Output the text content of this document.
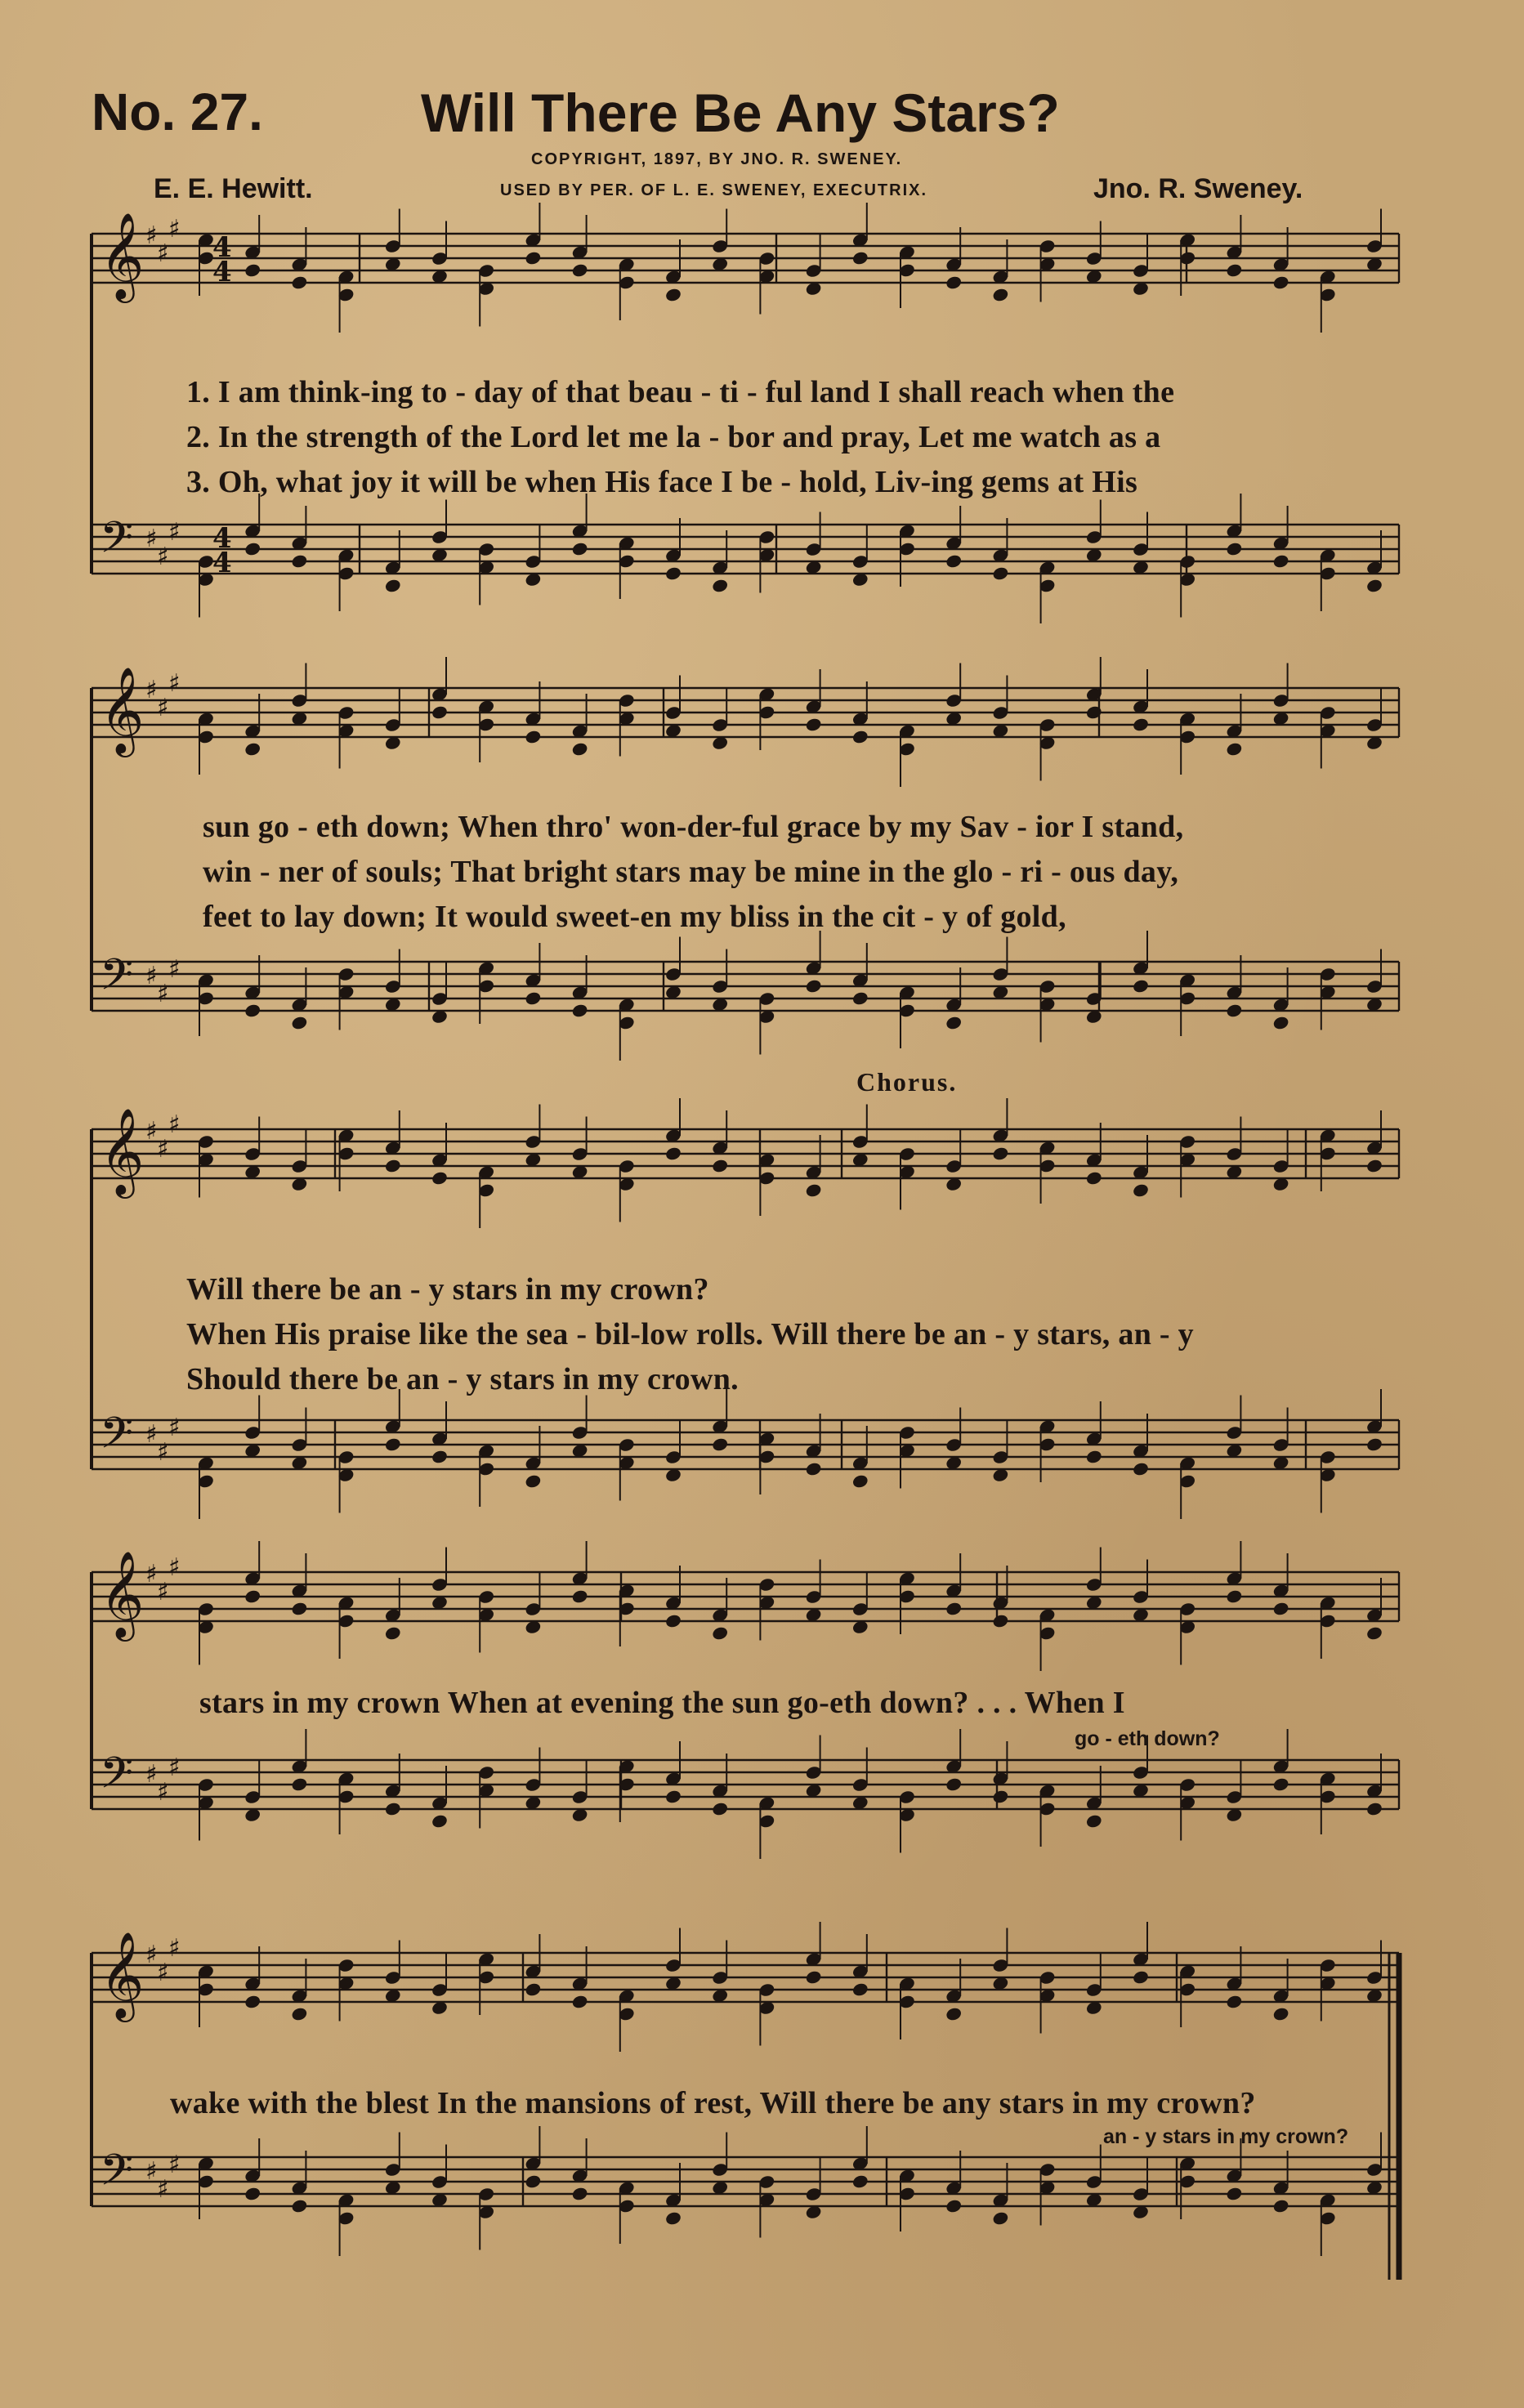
No. 27.	Will There Be Any Stars?
COPYRIGHT, 1897, BY JNO. R. SWENEY.
USED BY PER. OF L. E. SWENEY, EXECUTRIX.
E. E. Hewitt.	Jno. R. Sweney.
𝄞 ♯
♯
♯
𝄢 ♯
♯
♯
𝄞 ♯
♯
♯
𝄢 ♯
♯
♯
𝄞 ♯
♯
♯
𝄢 ♯
♯
♯
𝄞 ♯
♯
♯
𝄢 ♯
♯
♯
𝄞 ♯
♯
♯
𝄢 ♯
♯
♯
4
4
4
4
1. I am think-ing to - day of that beau - ti - ful land I shall reach when the
2. In the strength of the Lord let me la - bor and pray, Let me watch as a
3. Oh, what joy it will be when His face I be - hold, Liv-ing gems at His
sun go - eth down; When thro' won-der-ful grace by my Sav - ior I stand,
win - ner of souls; That bright stars may be mine in the glo - ri - ous day,
feet to lay down; It would sweet-en my bliss in the cit - y of gold,
Chorus.
Will there be an - y stars in my crown?
When His praise like the sea - bil-low rolls. Will there be an - y stars, an - y
Should there be an - y stars in my crown.
stars in my crown When at evening the sun go-eth down? . . . When I
go - eth down?
wake with the blest In the mansions of rest, Will there be any stars in my crown?
an - y stars in my crown?
